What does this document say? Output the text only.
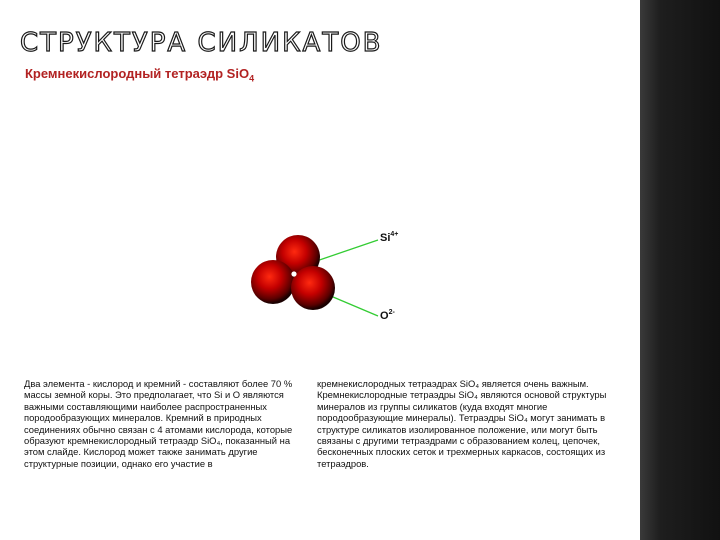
СТРУКТУРА СИЛИКАТОВ
Кремнекислородный тетраэдр SiO$_4$
$Si^{4+}$
$O^{2-}$
Два элемента - кислород и кремний - составляют более 70 % массы земной коры. Это предполагает, что Si и О являются важными составляющими наиболее распространенных породообразующих минералов. Кремний в природных соединениях обычно связан с 4 атомами кислорода, которые образуют кремнекислородный тетраэдр SiO₄, показанный на этом слайде. Кислород может также занимать другие структурные позиции, однако его участие в
кремнекислородных тетраэдрах SiO₄ является очень важным. Кремнекислородные тетраэдры SiO₄ являются основой структуры минералов из группы силикатов (куда входят многие породообразующие минералы). Тетраэдры SiO₄ могут занимать в структуре силикатов изолированное положение, или могут быть связаны с другими тетраэдрами с образованием колец, цепочек, бесконечных плоских сеток и трехмерных каркасов, состоящих из тетраэдров.
